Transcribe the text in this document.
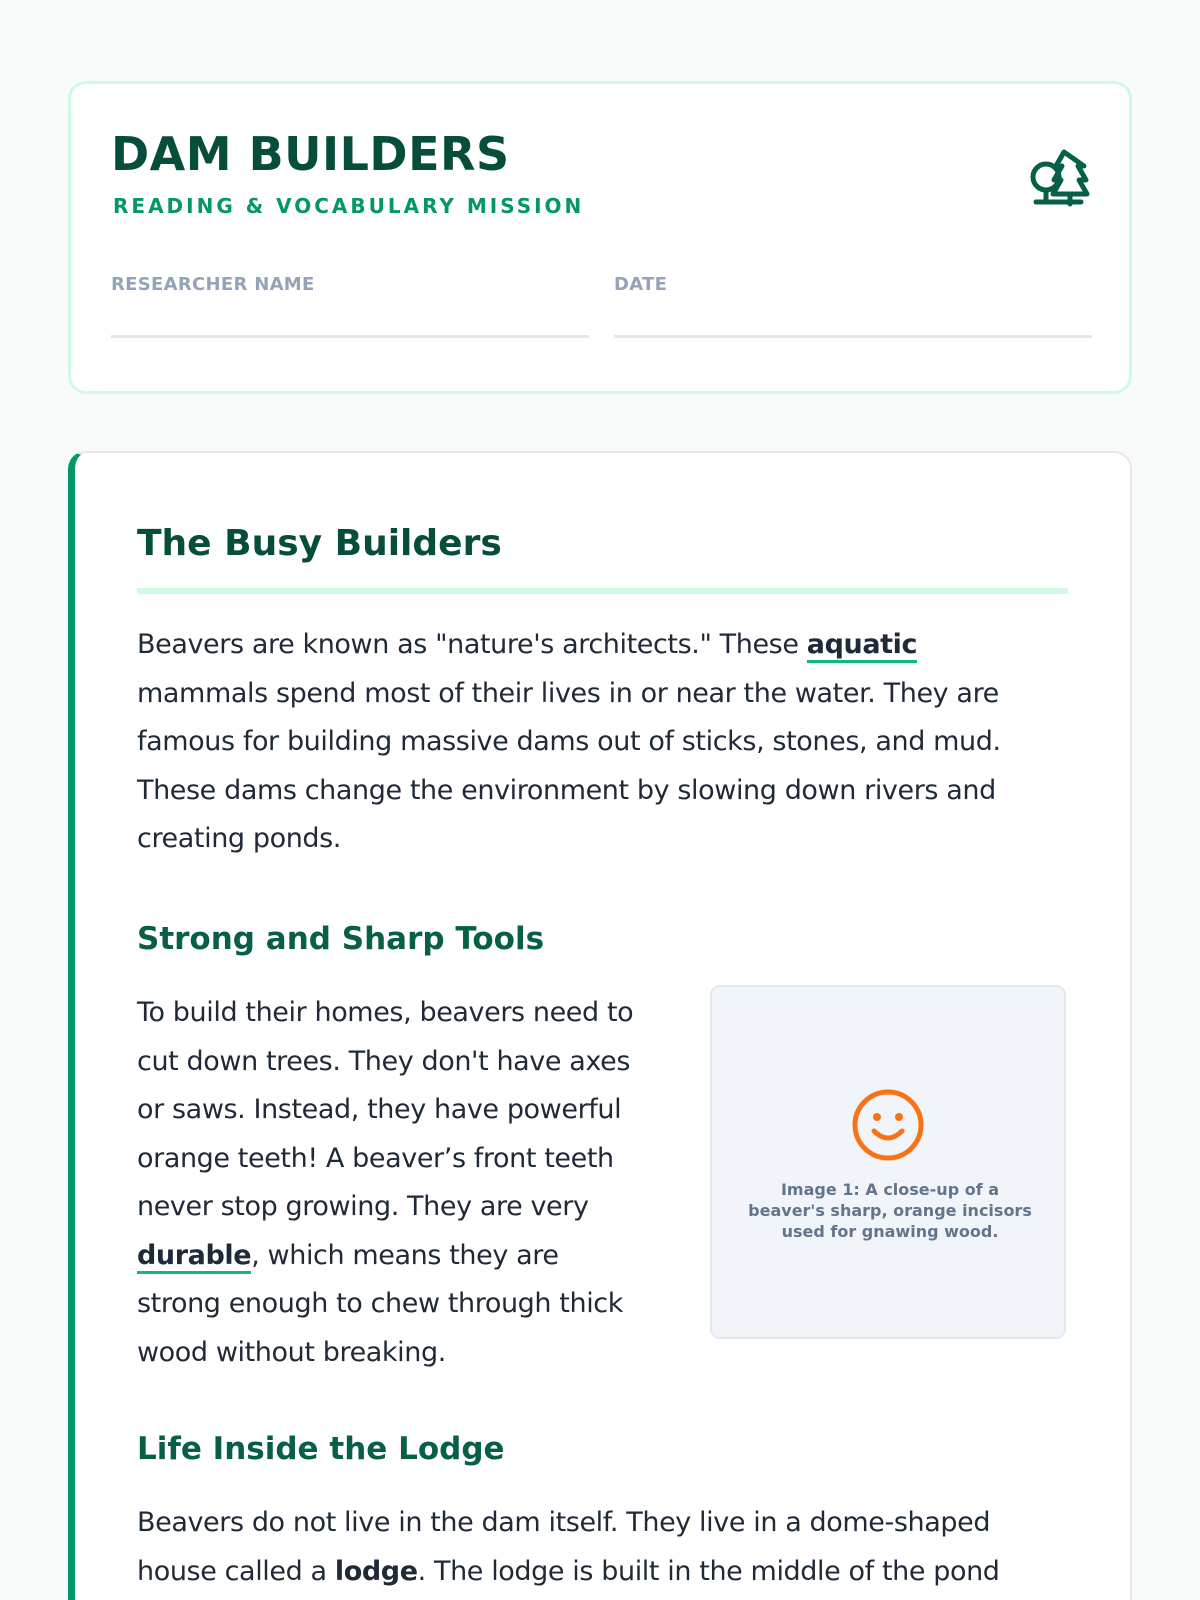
DAM BUILDERS
READING & VOCABULARY MISSION
RESEARCHER NAME	DATE
The Busy Builders
Beavers are known as "nature's architects." These aquatic
mammals spend most of their lives in or near the water. They are
famous for building massive dams out of sticks, stones, and mud.
These dams change the environment by slowing down rivers and
creating ponds.
Strong and Sharp Tools
To build their homes, beavers need to
cut down trees. They don't have axes
or saws. Instead, they have powerful
orange teeth! A beaver’s front teeth
never stop growing. They are very
durable, which means they are
strong enough to chew through thick
wood without breaking.
Image 1: A close-up of a beaver's sharp, orange incisors used for gnawing wood.
Life Inside the Lodge
Beavers do not live in the dam itself. They live in a dome-shaped
house called a lodge. The lodge is built in the middle of the pond
